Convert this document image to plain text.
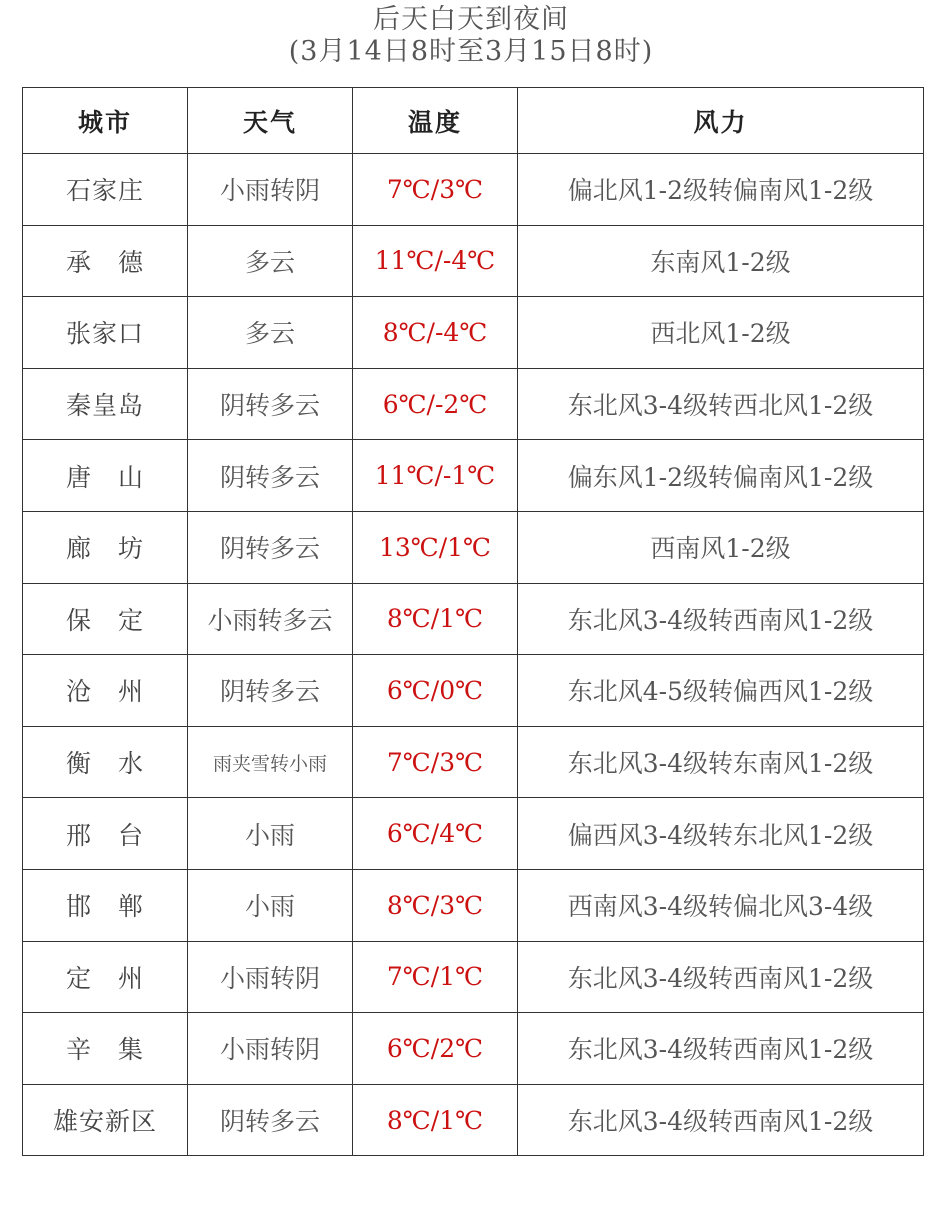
后天白天到夜间
(3月14日8时至3月15日8时)
城市	天气	温度	风力
石家庄	小雨转阴	7℃/3℃	偏北风1-2级转偏南风1-2级
承　德	多云	11℃/-4℃	东南风1-2级
张家口	多云	8℃/-4℃	西北风1-2级
秦皇岛	阴转多云	6℃/-2℃	东北风3-4级转西北风1-2级
唐　山	阴转多云	11℃/-1℃	偏东风1-2级转偏南风1-2级
廊　坊	阴转多云	13℃/1℃	西南风1-2级
保　定	小雨转多云	8℃/1℃	东北风3-4级转西南风1-2级
沧　州	阴转多云	6℃/0℃	东北风4-5级转偏西风1-2级
衡　水	雨夹雪转小雨	7℃/3℃	东北风3-4级转东南风1-2级
邢　台	小雨	6℃/4℃	偏西风3-4级转东北风1-2级
邯　郸	小雨	8℃/3℃	西南风3-4级转偏北风3-4级
定　州	小雨转阴	7℃/1℃	东北风3-4级转西南风1-2级
辛　集	小雨转阴	6℃/2℃	东北风3-4级转西南风1-2级
雄安新区	阴转多云	8℃/1℃	东北风3-4级转西南风1-2级
